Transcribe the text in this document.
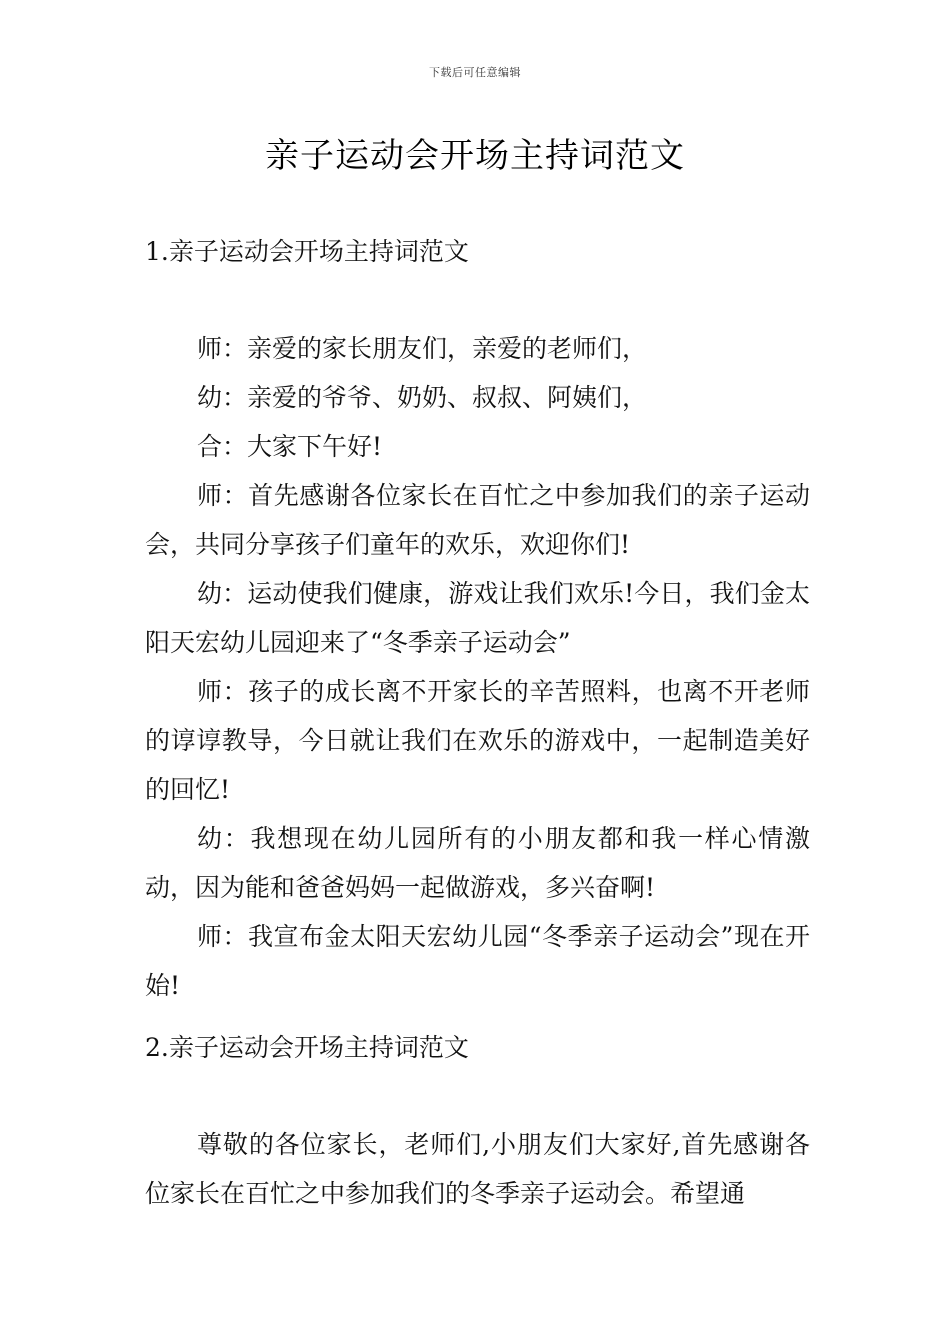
下载后可任意编辑
亲子运动会开场主持词范文
1.亲子运动会开场主持词范文

师：亲爱的家长朋友们，亲爱的老师们，

幼：亲爱的爷爷、奶奶、叔叔、阿姨们，

合：大家下午好!

师：首先感谢各位家长在百忙之中参加我们的亲子运动会，共同分享孩子们童年的欢乐，欢迎你们!

幼：运动使我们健康，游戏让我们欢乐!今日，我们金太阳天宏幼儿园迎来了“冬季亲子运动会”

师：孩子的成长离不开家长的辛苦照料，也离不开老师的谆谆教导，今日就让我们在欢乐的游戏中，一起制造美好的回忆!

幼：我想现在幼儿园所有的小朋友都和我一样心情激动，因为能和爸爸妈妈一起做游戏，多兴奋啊!

师：我宣布金太阳天宏幼儿园“冬季亲子运动会”现在开始!

2.亲子运动会开场主持词范文

尊敬的各位家长，老师们,小朋友们大家好,首先感谢各位家长在百忙之中参加我们的冬季亲子运动会。希望通
